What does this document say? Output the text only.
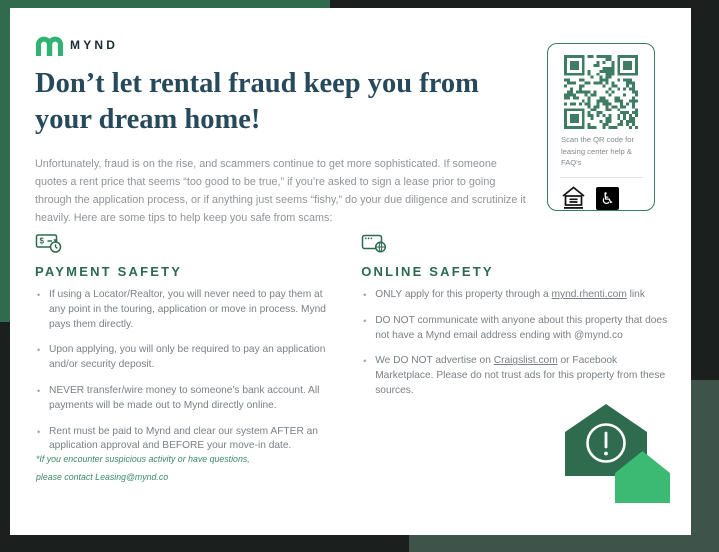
MYND
Don’t let rental fraud keep you from your dream home!

Unfortunately, fraud is on the rise, and scammers continue to get more sophisticated. If someone quotes a rent price that seems “too good to be true,” if you’re asked to sign a lease prior to going through the application process, or if anything just seems “fishy,” do your due diligence and scrutinize it heavily. Here are some tips to help keep you safe from scams:

Scan the QR code for leasing center help & FAQ's
♿
$
PAYMENT SAFETY
• If using a Locator/Realtor, you will never need to pay them at any point in the touring, application or move in process. Mynd pays them directly.
• Upon applying, you will only be required to pay an application and/or security deposit.
• NEVER transfer/wire money to someone's bank account. All payments will be made out to Mynd directly online.
• Rent must be paid to Mynd and clear our system AFTER an application approval and BEFORE your move-in date.
ONLINE SAFETY
• ONLY apply for this property through a mynd.rhenti.com link
• DO NOT communicate with anyone about this property that does not have a Mynd email address ending with @mynd.co
• We DO NOT advertise on Craigslist.com or Facebook Marketplace. Please do not trust ads for this property from these sources.
*If you encounter suspicious activity or have questions,
please contact Leasing@mynd.co
